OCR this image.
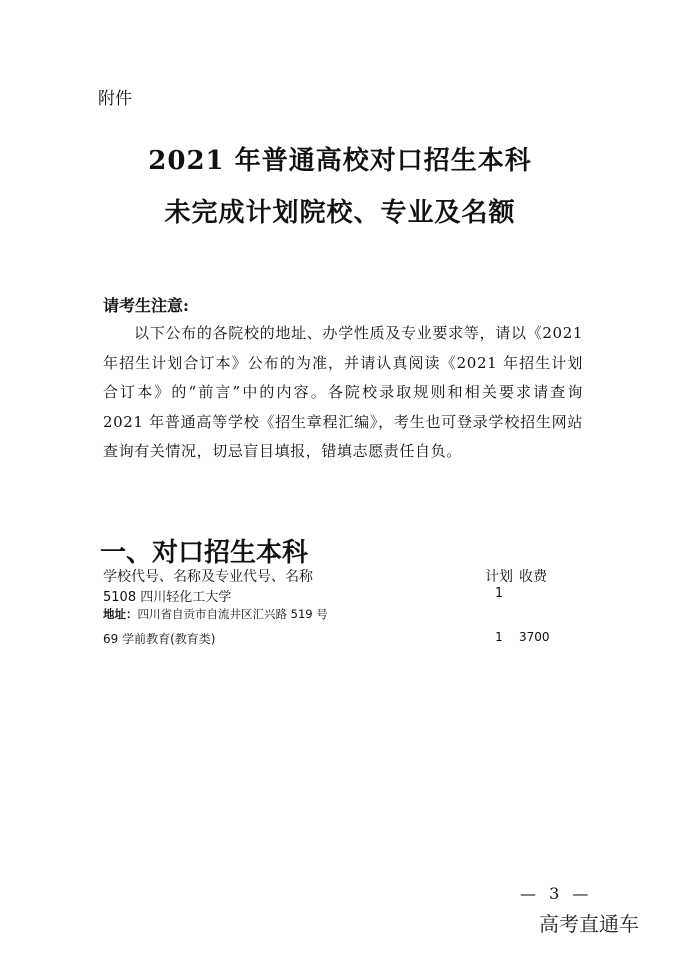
附件
2021 年普通高校对口招生本科
未完成计划院校、专业及名额
请考生注意:
以下公布的各院校的地址、办学性质及专业要求等，请以《2021 年招生计划合订本》公布的为准，并请认真阅读《2021 年招生计划合订本》的“前言”中的内容。各院校录取规则和相关要求请查询 2021 年普通高等学校《招生章程汇编》，考生也可登录学校招生网站查询有关情况，切忌盲目填报，错填志愿责任自负。
一、对口招生本科
学校代号、名称及专业代号、名称	计划 收费
5108 四川轻化工大学	1
地址：四川省自贡市自流井区汇兴路 519 号
69 学前教育(教育类)	1	3700
— 3 —
高考直通车
